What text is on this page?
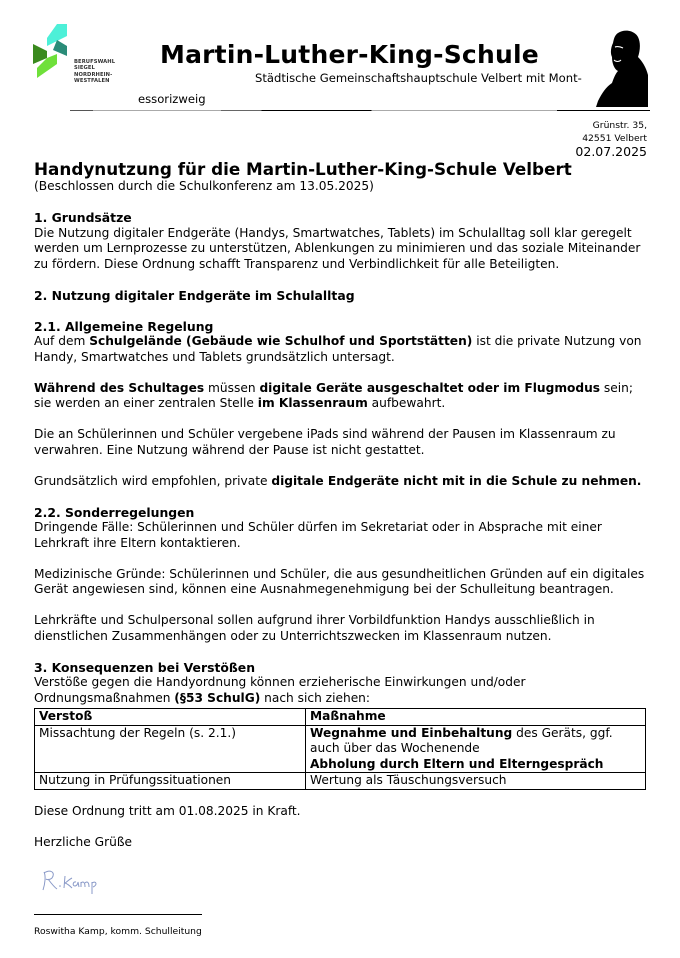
BERUFSWAHL
SIEGEL
NORDRHEIN-
WESTFALEN
Martin-Luther-King-Schule
Städtische Gemeinschaftshauptschule Velbert mit Mont-
essorizweig
Grünstr. 35,
42551 Velbert
02.07.2025
Handynutzung für die Martin-Luther-King-Schule Velbert
(Beschlossen durch die Schulkonferenz am 13.05.2025)
1. Grundsätze
Die Nutzung digitaler Endgeräte (Handys, Smartwatches, Tablets) im Schulalltag soll klar geregelt werden um Lernprozesse zu unterstützen, Ablenkungen zu minimieren und das soziale Miteinander zu fördern. Diese Ordnung schafft Transparenz und Verbindlichkeit für alle Beteiligten.
2. Nutzung digitaler Endgeräte im Schulalltag
2.1. Allgemeine Regelung

Auf dem Schulgelände (Gebäude wie Schulhof und Sportstätten) ist die private Nutzung von Handy, Smartwatches und Tablets grundsätzlich untersagt.

Während des Schultages müssen digitale Geräte ausgeschaltet oder im Flugmodus sein; sie werden an einer zentralen Stelle im Klassenraum aufbewahrt.

Die an Schülerinnen und Schüler vergebene iPads sind während der Pausen im Klassenraum zu verwahren. Eine Nutzung während der Pause ist nicht gestattet.

Grundsätzlich wird empfohlen, private digitale Endgeräte nicht mit in die Schule zu nehmen.

2.2. Sonderregelungen

Dringende Fälle: Schülerinnen und Schüler dürfen im Sekretariat oder in Absprache mit einer Lehrkraft ihre Eltern kontaktieren.

Medizinische Gründe: Schülerinnen und Schüler, die aus gesundheitlichen Gründen auf ein digitales Gerät angewiesen sind, können eine Ausnahmegenehmigung bei der Schulleitung beantragen.

Lehrkräfte und Schulpersonal sollen aufgrund ihrer Vorbildfunktion Handys ausschließlich in dienstlichen Zusammenhängen oder zu Unterrichtszwecken im Klassenraum nutzen.

3. Konsequenzen bei Verstößen
Verstöße gegen die Handyordnung können erzieherische Einwirkungen und/oder Ordnungsmaßnahmen (§53 SchulG) nach sich ziehen:
Verstoß	Maßnahme
Missachtung der Regeln (s. 2.1.)	Wegnahme und Einbehaltung des Geräts, ggf. auch über das Wochenende
Abholung durch Eltern und Elterngespräch
Nutzung in Prüfungssituationen	Wertung als Täuschungsversuch

Diese Ordnung tritt am 01.08.2025 in Kraft.

Herzliche Grüße
Roswitha Kamp, komm. Schulleitung
